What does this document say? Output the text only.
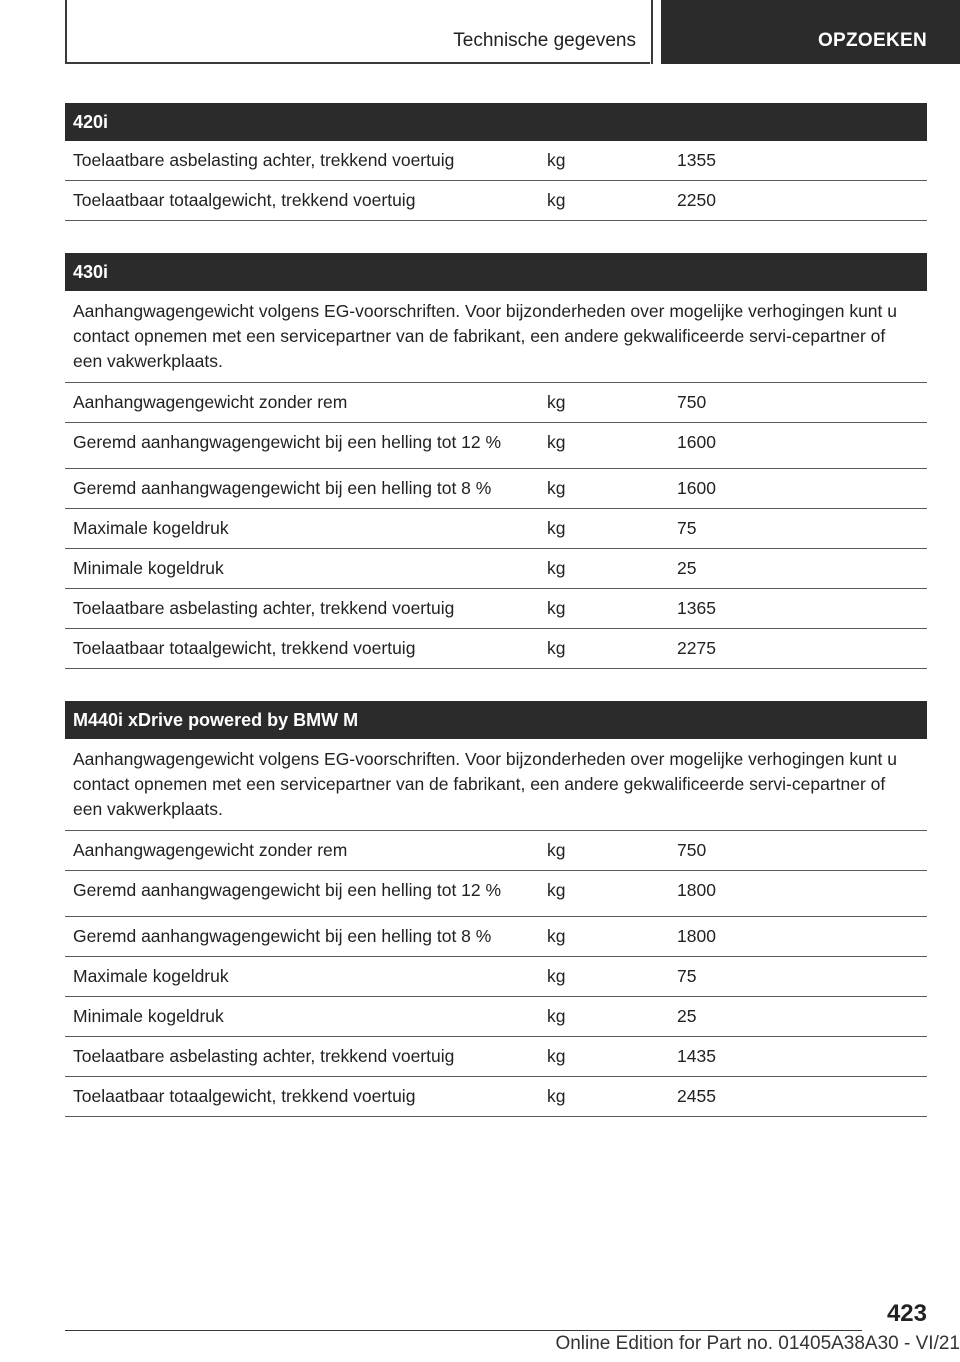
Technische gegevens	OPZOEKEN
420i
Toelaatbare asbelasting achter, trekkend voertuig	kg	1355
Toelaatbaar totaalgewicht, trekkend voertuig	kg	2250
430i
Aanhangwagengewicht volgens EG-voorschriften. Voor bijzonderheden over mogelijke verhogingen kunt u contact opnemen met een servicepartner van de fabrikant, een andere gekwalificeerde servi-cepartner of een vakwerkplaats.
Aanhangwagengewicht zonder rem	kg	750
Geremd aanhangwagengewicht bij een helling tot 12 %	kg	1600
Geremd aanhangwagengewicht bij een helling tot 8 %	kg	1600
Maximale kogeldruk	kg	75
Minimale kogeldruk	kg	25
Toelaatbare asbelasting achter, trekkend voertuig	kg	1365
Toelaatbaar totaalgewicht, trekkend voertuig	kg	2275
M440i xDrive powered by BMW M
Aanhangwagengewicht volgens EG-voorschriften. Voor bijzonderheden over mogelijke verhogingen kunt u contact opnemen met een servicepartner van de fabrikant, een andere gekwalificeerde servi-cepartner of een vakwerkplaats.
Aanhangwagengewicht zonder rem	kg	750
Geremd aanhangwagengewicht bij een helling tot 12 %	kg	1800
Geremd aanhangwagengewicht bij een helling tot 8 %	kg	1800
Maximale kogeldruk	kg	75
Minimale kogeldruk	kg	25
Toelaatbare asbelasting achter, trekkend voertuig	kg	1435
Toelaatbaar totaalgewicht, trekkend voertuig	kg	2455
423
Online Edition for Part no. 01405A38A30 - VI/21
